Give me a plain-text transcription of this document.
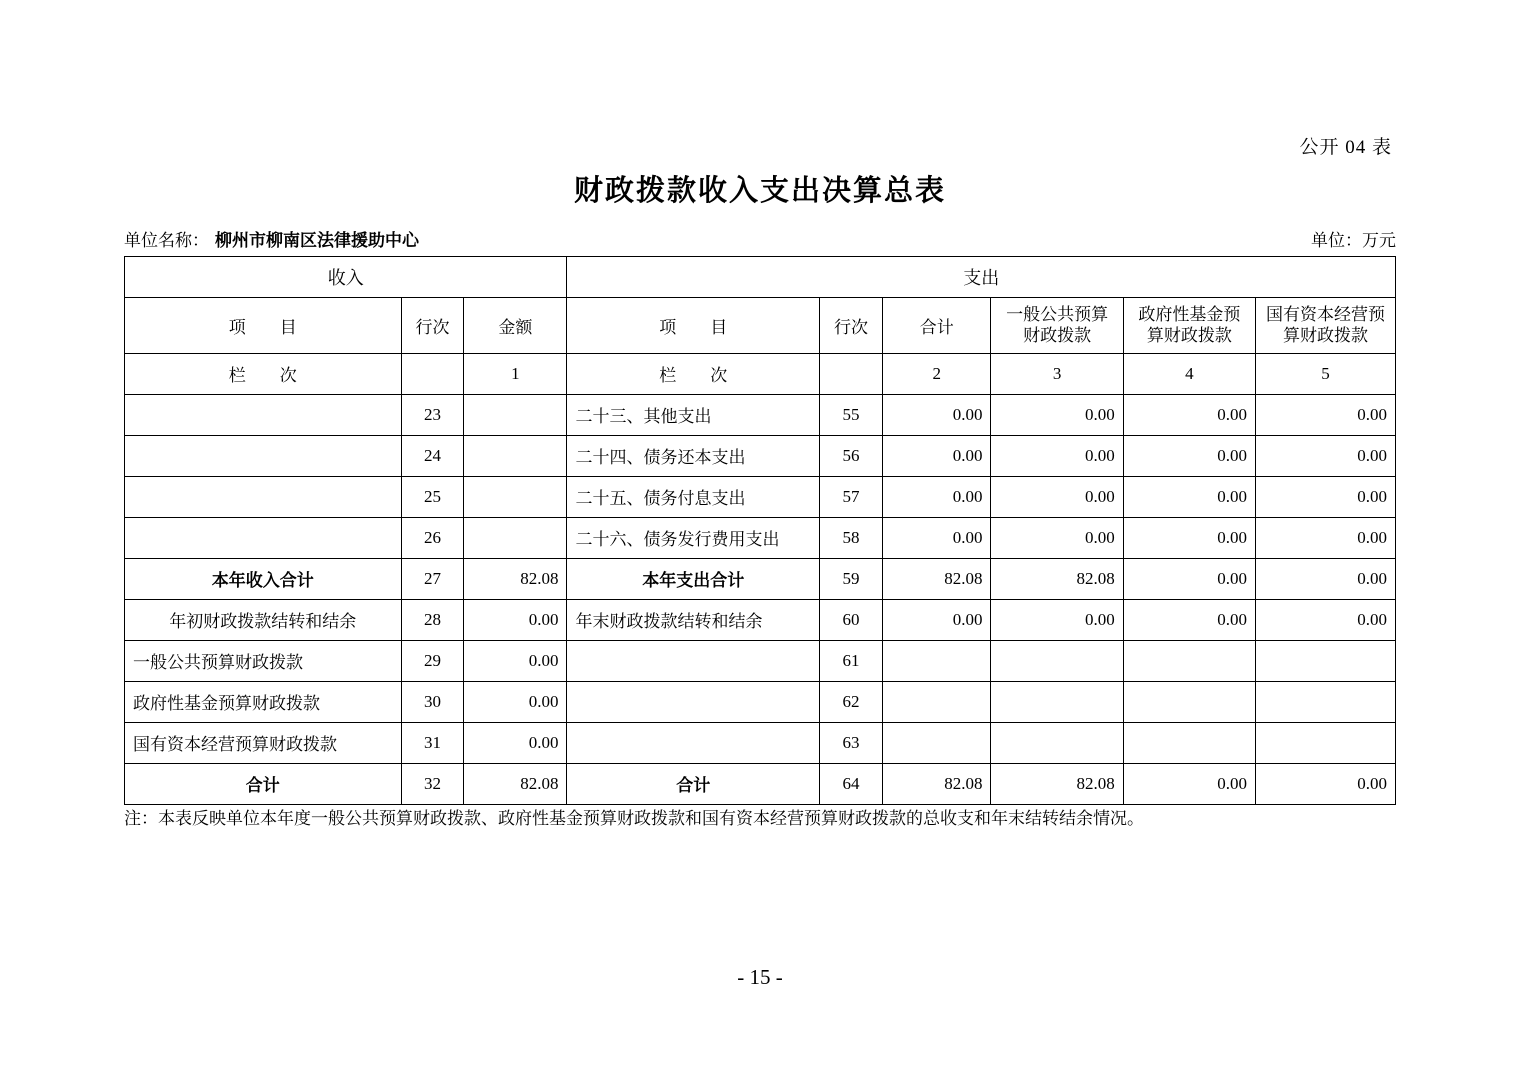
公开 04 表
财政拨款收入支出决算总表
单位名称： 柳州市柳南区法律援助中心	单位：万元
收入			支出					
项　　目	行次	金额	项　　目	行次	合计	一般公共预算财政拨款	政府性基金预算财政拨款	国有资本经营预算财政拨款
栏　　次		1	栏　　次		2	3	4	5
	23		二十三、其他支出	55	0.00	0.00	0.00	0.00
	24		二十四、债务还本支出	56	0.00	0.00	0.00	0.00
	25		二十五、债务付息支出	57	0.00	0.00	0.00	0.00
	26		二十六、债务发行费用支出	58	0.00	0.00	0.00	0.00
本年收入合计	27	82.08	本年支出合计	59	82.08	82.08	0.00	0.00
年初财政拨款结转和结余	28	0.00	年末财政拨款结转和结余	60	0.00	0.00	0.00	0.00
一般公共预算财政拨款	29	0.00		61				
政府性基金预算财政拨款	30	0.00		62				
国有资本经营预算财政拨款	31	0.00		63				
合计	32	82.08	合计	64	82.08	82.08	0.00	0.00
注：本表反映单位本年度一般公共预算财政拨款、政府性基金预算财政拨款和国有资本经营预算财政拨款的总收支和年末结转结余情况。
- 15 -
